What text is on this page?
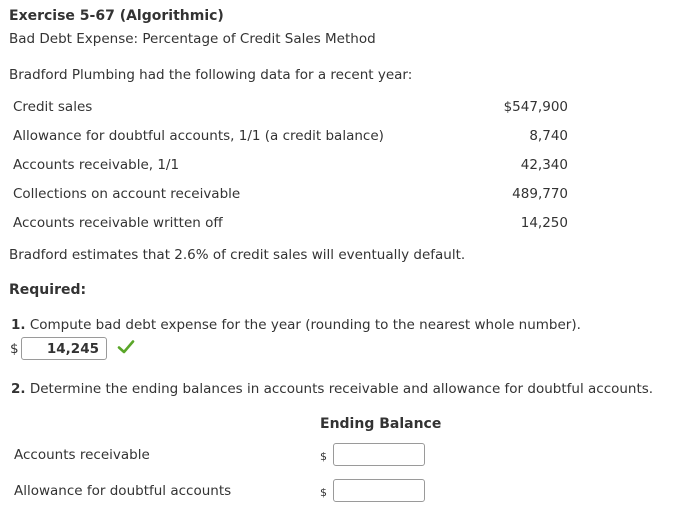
Exercise 5-67 (Algorithmic)
Bad Debt Expense: Percentage of Credit Sales Method
Bradford Plumbing had the following data for a recent year:
Credit sales	$547,900
Allowance for doubtful accounts, 1/1 (a credit balance)	8,740
Accounts receivable, 1/1	42,340
Collections on account receivable	489,770
Accounts receivable written off	14,250
Bradford estimates that 2.6% of credit sales will eventually default.
Required:
1. Compute bad debt expense for the year (rounding to the nearest whole number).
$	14,245
2. Determine the ending balances in accounts receivable and allowance for doubtful accounts.
Ending Balance
Accounts receivable	$
Allowance for doubtful accounts	$
